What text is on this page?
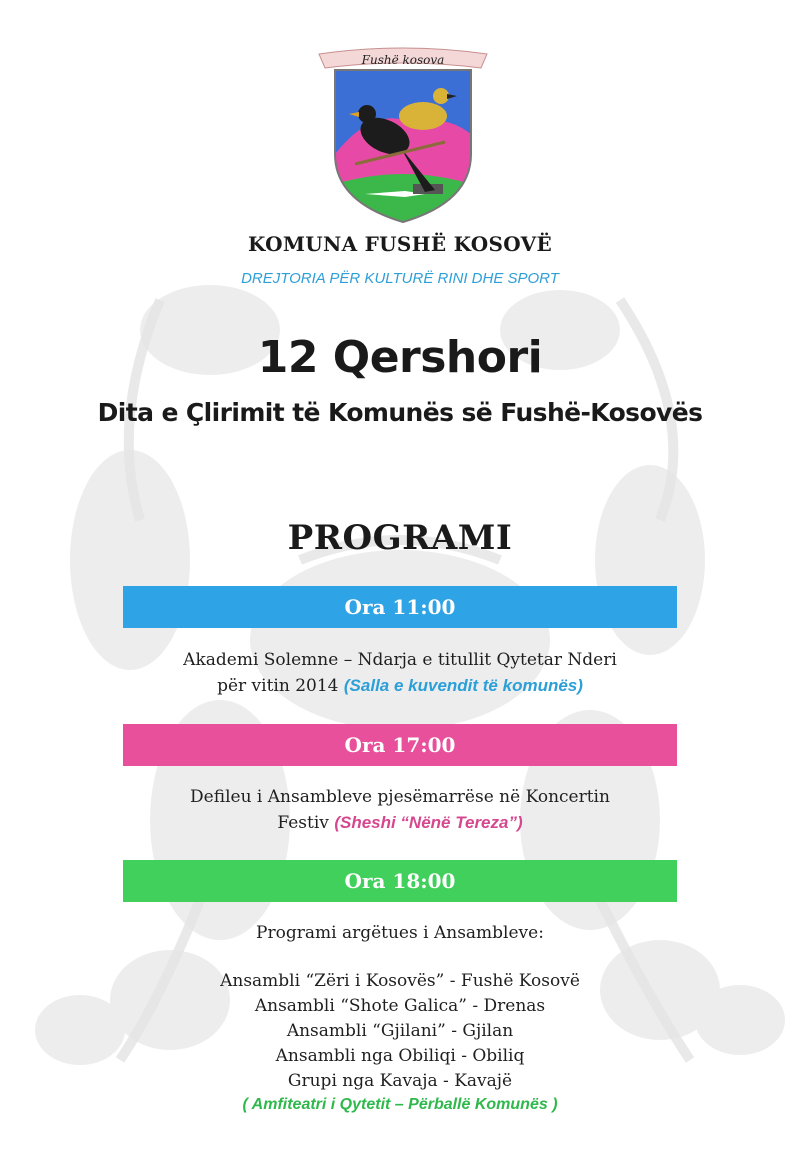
Fushë kosova
KOMUNA FUSHË KOSOVË
DREJTORIA PËR KULTURË RINI DHE SPORT
12 Qershori
Dita e Çlirimit të Komunës së Fushë-Kosovës
PROGRAMI
Ora 11:00
Akademi Solemne – Ndarja e titullit Qytetar Nderi
për vitin 2014 (Salla e kuvendit të komunës)
Ora 17:00
Defileu i Ansambleve pjesëmarrëse në Koncertin
Festiv (Sheshi “Nënë Tereza”)
Ora 18:00
Programi argëtues i Ansambleve:
Ansambli “Zëri i Kosovës” - Fushë Kosovë
Ansambli “Shote Galica” - Drenas
Ansambli “Gjilani” - Gjilan
Ansambli nga Obiliqi - Obiliq
Grupi nga Kavaja - Kavajë
( Amfiteatri i Qytetit – Përballë Komunës )
